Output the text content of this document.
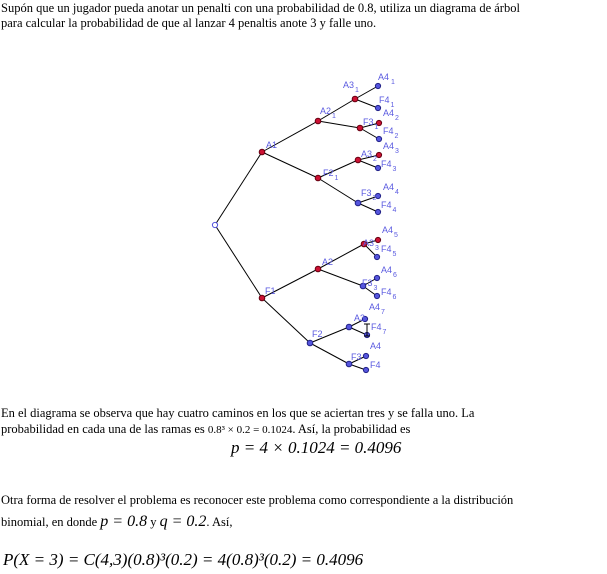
Supón que un jugador pueda anotar un penalti con una probabilidad de 0.8, utiliza un diagrama de árbol
para calcular la probabilidad de que al lanzar 4 penaltis anote 3 y falle uno.
A1
F1
$A2_1$
$F2_1$
A2
F2
$A3_1$
$F3_1$
$A3_2$
$F3_2$
$A3_3$
$F3_3$
A3
F3
$A4_1$
$F4_1$
$A4_2$
$F4_2$
$A4_3$
$F4_3$
$A4_4$
$F4_4$
$A4_5$
$F4_5$
$A4_6$
$F4_6$
$A4_7$
$F4_7$
A4
F4
En el diagrama se observa que hay cuatro caminos en los que se aciertan tres y se falla uno. La
probabilidad en cada una de las ramas es 0.8³ × 0.2 = 0.1024. Así, la probabilidad es
p = 4 × 0.1024 = 0.4096
Otra forma de resolver el problema es reconocer este problema como correspondiente a la distribución
binomial, en donde p = 0.8 y q = 0.2. Así,
P(X = 3) = C(4,3)(0.8)³(0.2) = 4(0.8)³(0.2) = 0.4096
